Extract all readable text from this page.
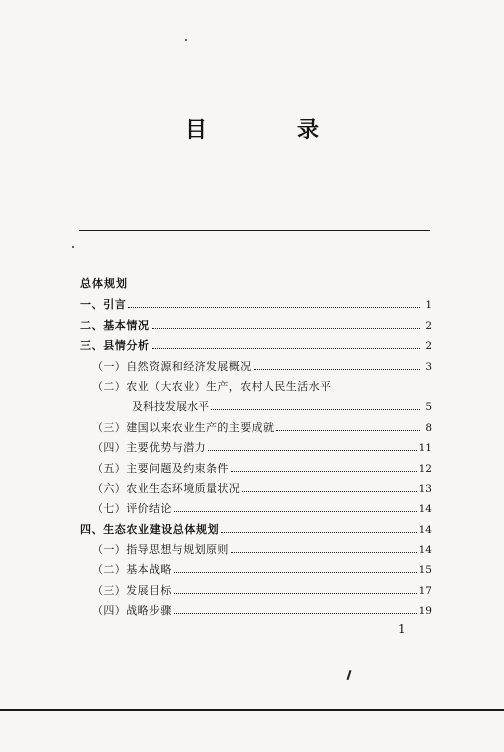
目　录
总体规划
一、引言	1
二、基本情况	2
三、县情分析	2
（一）自然资源和经济发展概况	3
（二）农业（大农业）生产，农村人民生活水平
及科技发展水平	5
（三）建国以来农业生产的主要成就	8
（四）主要优势与潜力	11
（五）主要问题及约束条件	12
（六）农业生态环境质量状况	13
（七）评价结论	14
四、生态农业建设总体规划	14
（一）指导思想与规划原则	14
（二）基本战略	15
（三）发展目标	17
（四）战略步骤	19
1
